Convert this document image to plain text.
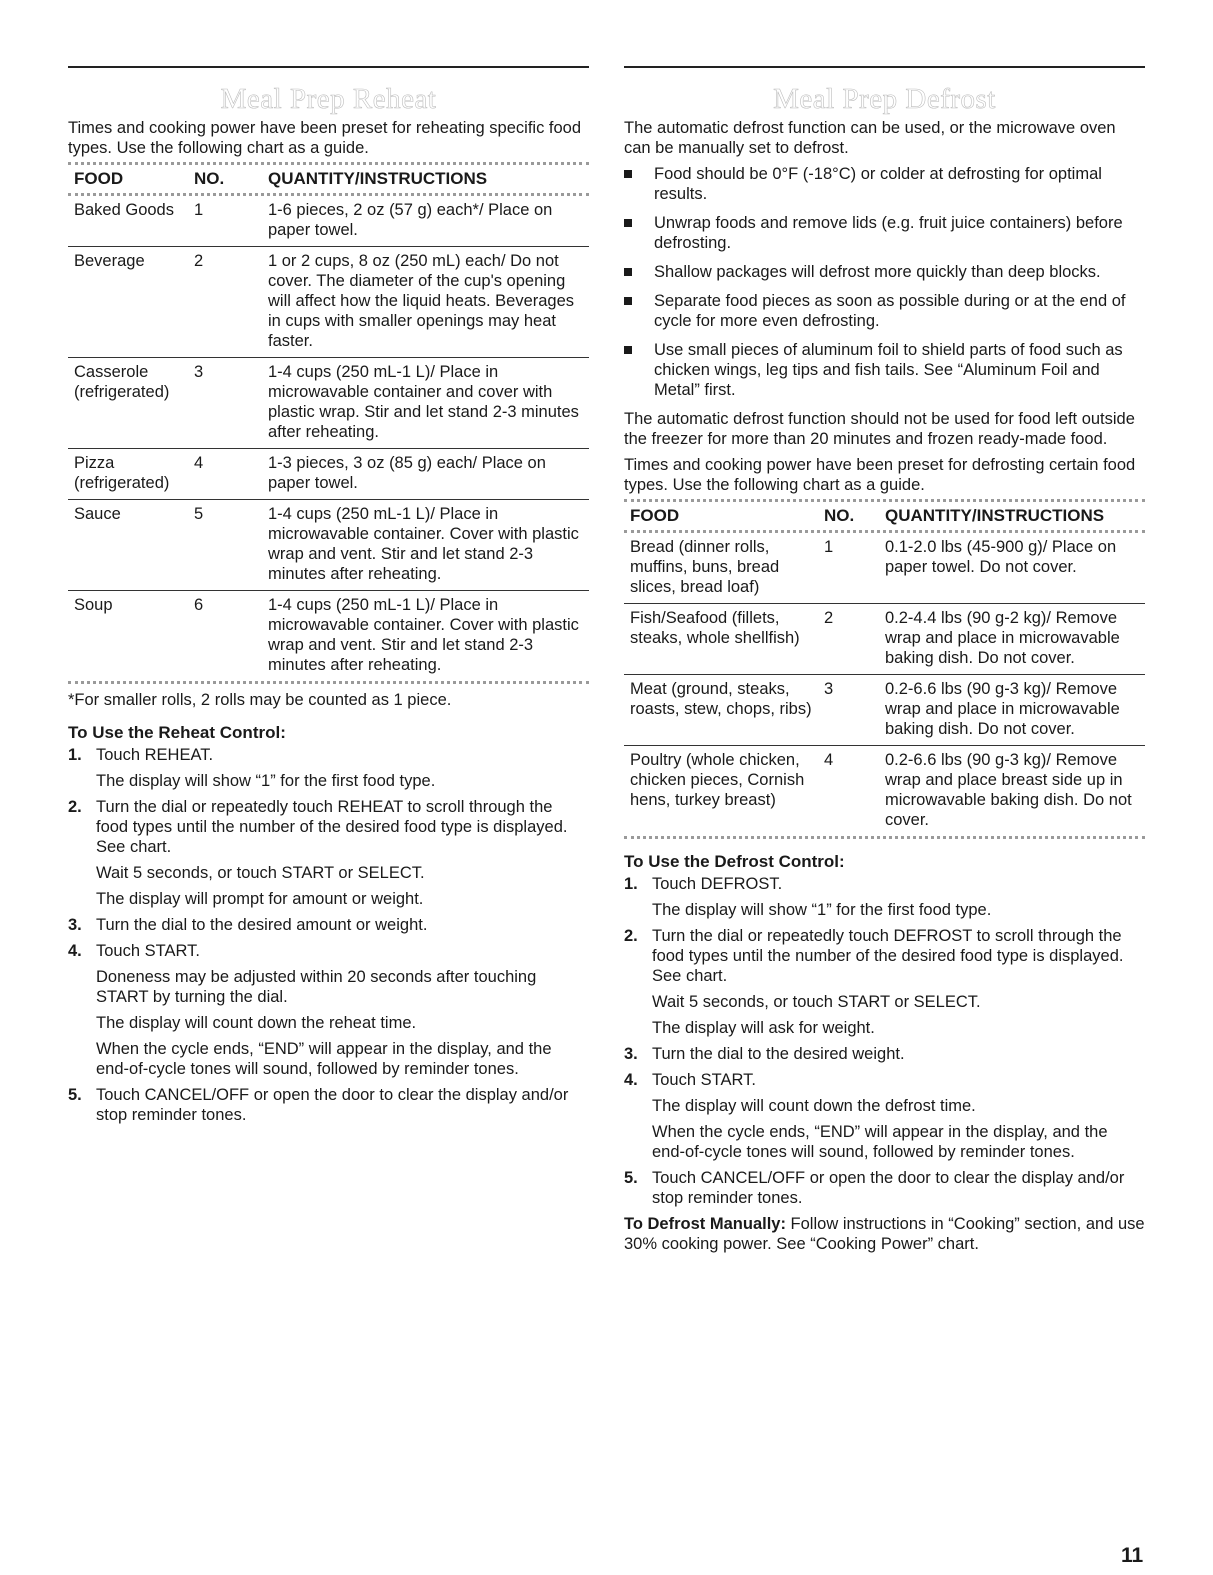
Meal Prep Reheat

Times and cooking power have been preset for reheating specific food types. Use the following chart as a guide.

FOOD	NO.	QUANTITY/INSTRUCTIONS

Baked Goods	1	1-6 pieces, 2 oz (57 g) each*/ Place on paper towel.
Beverage	2	1 or 2 cups, 8 oz (250 mL) each/ Do not cover. The diameter of the cup's opening will affect how the liquid heats. Beverages in cups with smaller openings may heat faster.
Casserole (refrigerated)	3	1-4 cups (250 mL-1 L)/ Place in microwavable container and cover with plastic wrap. Stir and let stand 2-3 minutes after reheating.
Pizza (refrigerated)	4	1-3 pieces, 3 oz (85 g) each/ Place on paper towel.
Sauce	5	1-4 cups (250 mL-1 L)/ Place in microwavable container. Cover with plastic wrap and vent. Stir and let stand 2-3 minutes after reheating.
Soup	6	1-4 cups (250 mL-1 L)/ Place in microwavable container. Cover with plastic wrap and vent. Stir and let stand 2-3 minutes after reheating.

*For smaller rolls, 2 rolls may be counted as 1 piece.

To Use the Reheat Control:
1. Touch REHEAT.

The display will show “1” for the first food type.

2. Turn the dial or repeatedly touch REHEAT to scroll through the food types until the number of the desired food type is displayed. See chart.

Wait 5 seconds, or touch START or SELECT.

The display will prompt for amount or weight.

3. Turn the dial to the desired amount or weight.

4. Touch START.

Doneness may be adjusted within 20 seconds after touching START by turning the dial.

The display will count down the reheat time.

When the cycle ends, “END” will appear in the display, and the end-of-cycle tones will sound, followed by reminder tones.

5. Touch CANCEL/OFF or open the door to clear the display and/or stop reminder tones.

Meal Prep Defrost

The automatic defrost function can be used, or the microwave oven can be manually set to defrost.

Food should be 0°F (-18°C) or colder at defrosting for optimal results.
Unwrap foods and remove lids (e.g. fruit juice containers) before defrosting.
Shallow packages will defrost more quickly than deep blocks.
Separate food pieces as soon as possible during or at the end of cycle for more even defrosting.
Use small pieces of aluminum foil to shield parts of food such as chicken wings, leg tips and fish tails. See “Aluminum Foil and Metal” first.

The automatic defrost function should not be used for food left outside the freezer for more than 20 minutes and frozen ready-made food.

Times and cooking power have been preset for defrosting certain food types. Use the following chart as a guide.

FOOD	NO.	QUANTITY/INSTRUCTIONS

Bread (dinner rolls, muffins, buns, bread slices, bread loaf)	1	0.1-2.0 lbs (45-900 g)/ Place on paper towel. Do not cover.
Fish/Seafood (fillets, steaks, whole shellfish)	2	0.2-4.4 lbs (90 g-2 kg)/ Remove wrap and place in microwavable baking dish. Do not cover.
Meat (ground, steaks, roasts, stew, chops, ribs)	3	0.2-6.6 lbs (90 g-3 kg)/ Remove wrap and place in microwavable baking dish. Do not cover.
Poultry (whole chicken, chicken pieces, Cornish hens, turkey breast)	4	0.2-6.6 lbs (90 g-3 kg)/ Remove wrap and place breast side up in microwavable baking dish. Do not cover.
To Use the Defrost Control:
1. Touch DEFROST.

The display will show “1” for the first food type.

2. Turn the dial or repeatedly touch DEFROST to scroll through the food types until the number of the desired food type is displayed. See chart.

Wait 5 seconds, or touch START or SELECT.

The display will ask for weight.

3. Turn the dial to the desired weight.

4. Touch START.

The display will count down the defrost time.

When the cycle ends, “END” will appear in the display, and the end-of-cycle tones will sound, followed by reminder tones.

5. Touch CANCEL/OFF or open the door to clear the display and/or stop reminder tones.

To Defrost Manually: Follow instructions in “Cooking” section, and use 30% cooking power. See “Cooking Power” chart.

11
